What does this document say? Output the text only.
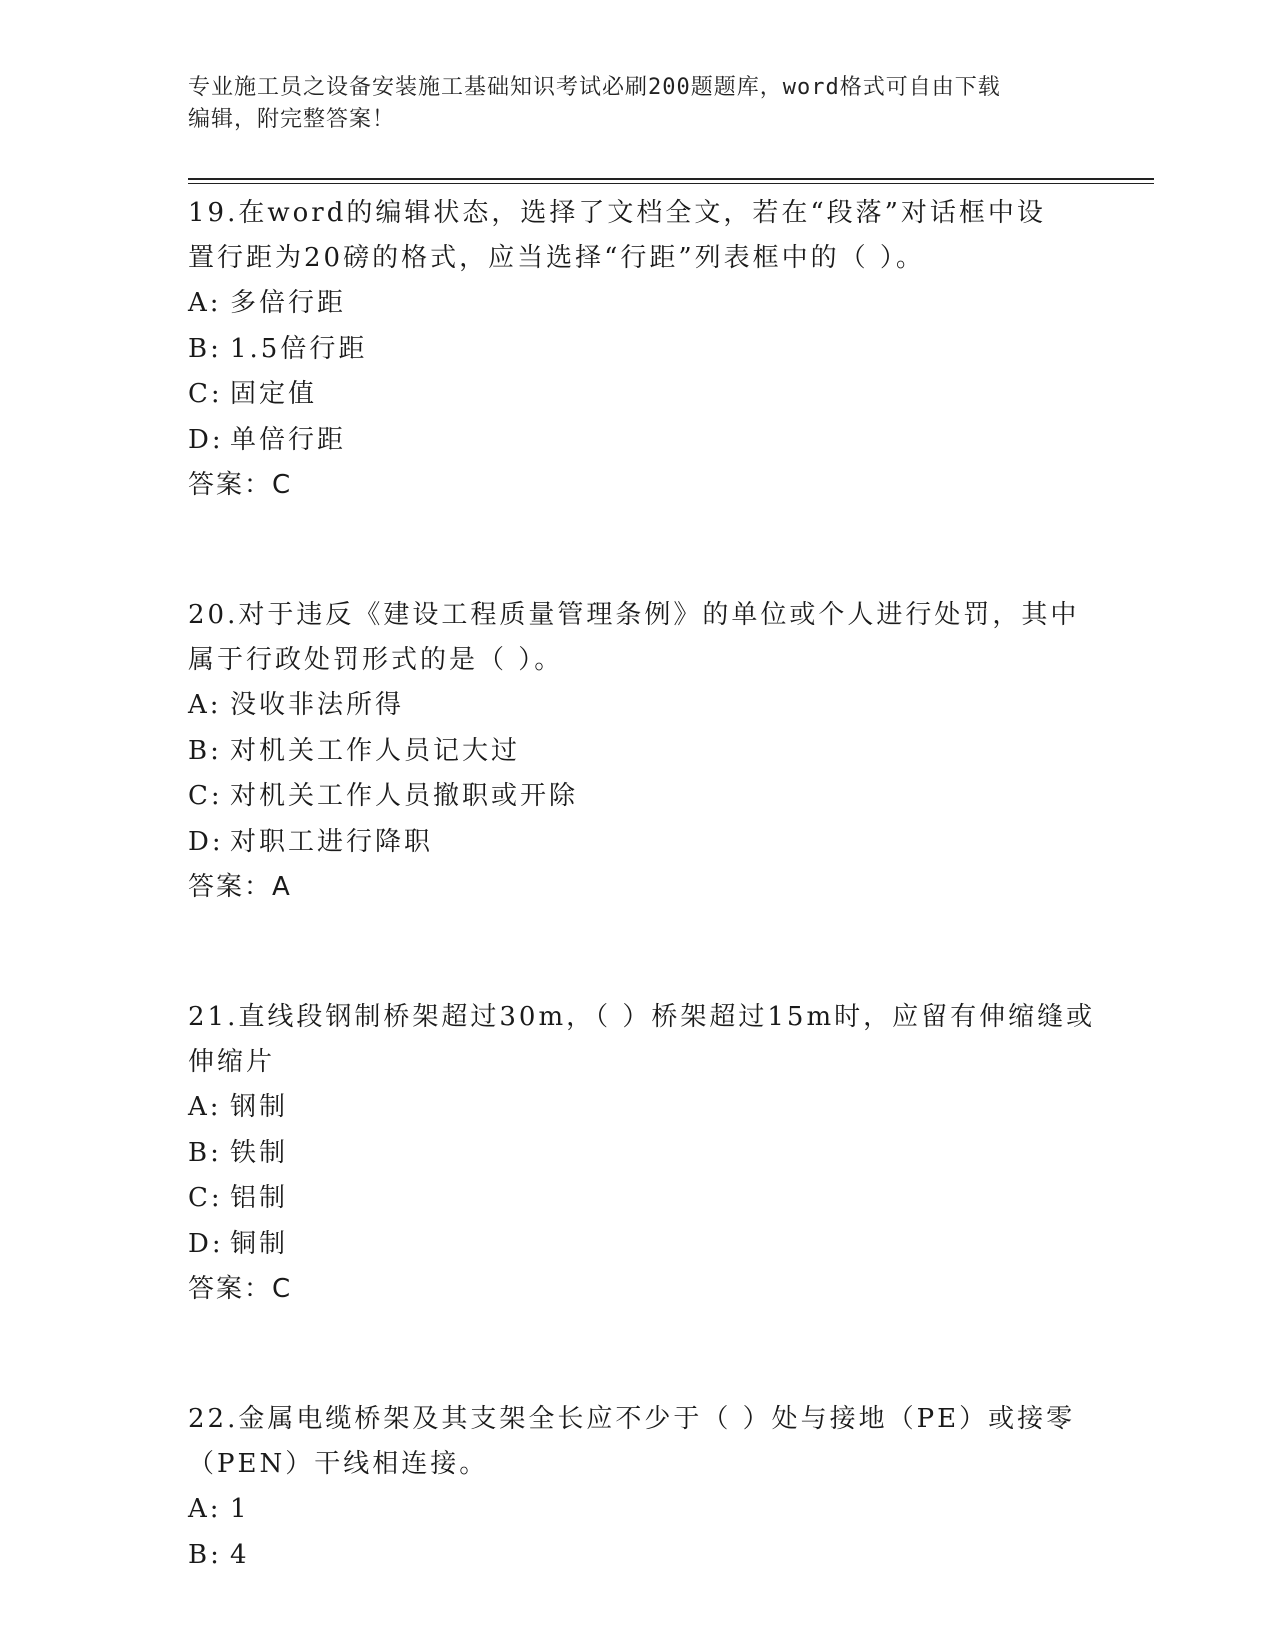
专业施工员之设备安装施工基础知识考试必刷200题题库，word格式可自由下载
编辑，附完整答案！
19.在word的编辑状态，选择了文档全文，若在“段落”对话框中设
置行距为20磅的格式，应当选择“行距”列表框中的（ ）。
A: 多倍行距
B: 1.5倍行距
C: 固定值
D: 单倍行距
答案：C
20.对于违反《建设工程质量管理条例》的单位或个人进行处罚，其中
属于行政处罚形式的是（ ）。
A: 没收非法所得
B: 对机关工作人员记大过
C: 对机关工作人员撤职或开除
D: 对职工进行降职
答案：A
21.直线段钢制桥架超过30m，（ ）桥架超过15m时，应留有伸缩缝或
伸缩片
A: 钢制
B: 铁制
C: 铝制
D: 铜制
答案：C
22.金属电缆桥架及其支架全长应不少于（ ）处与接地（PE）或接零
（PEN）干线相连接。
A: 1
B: 4
